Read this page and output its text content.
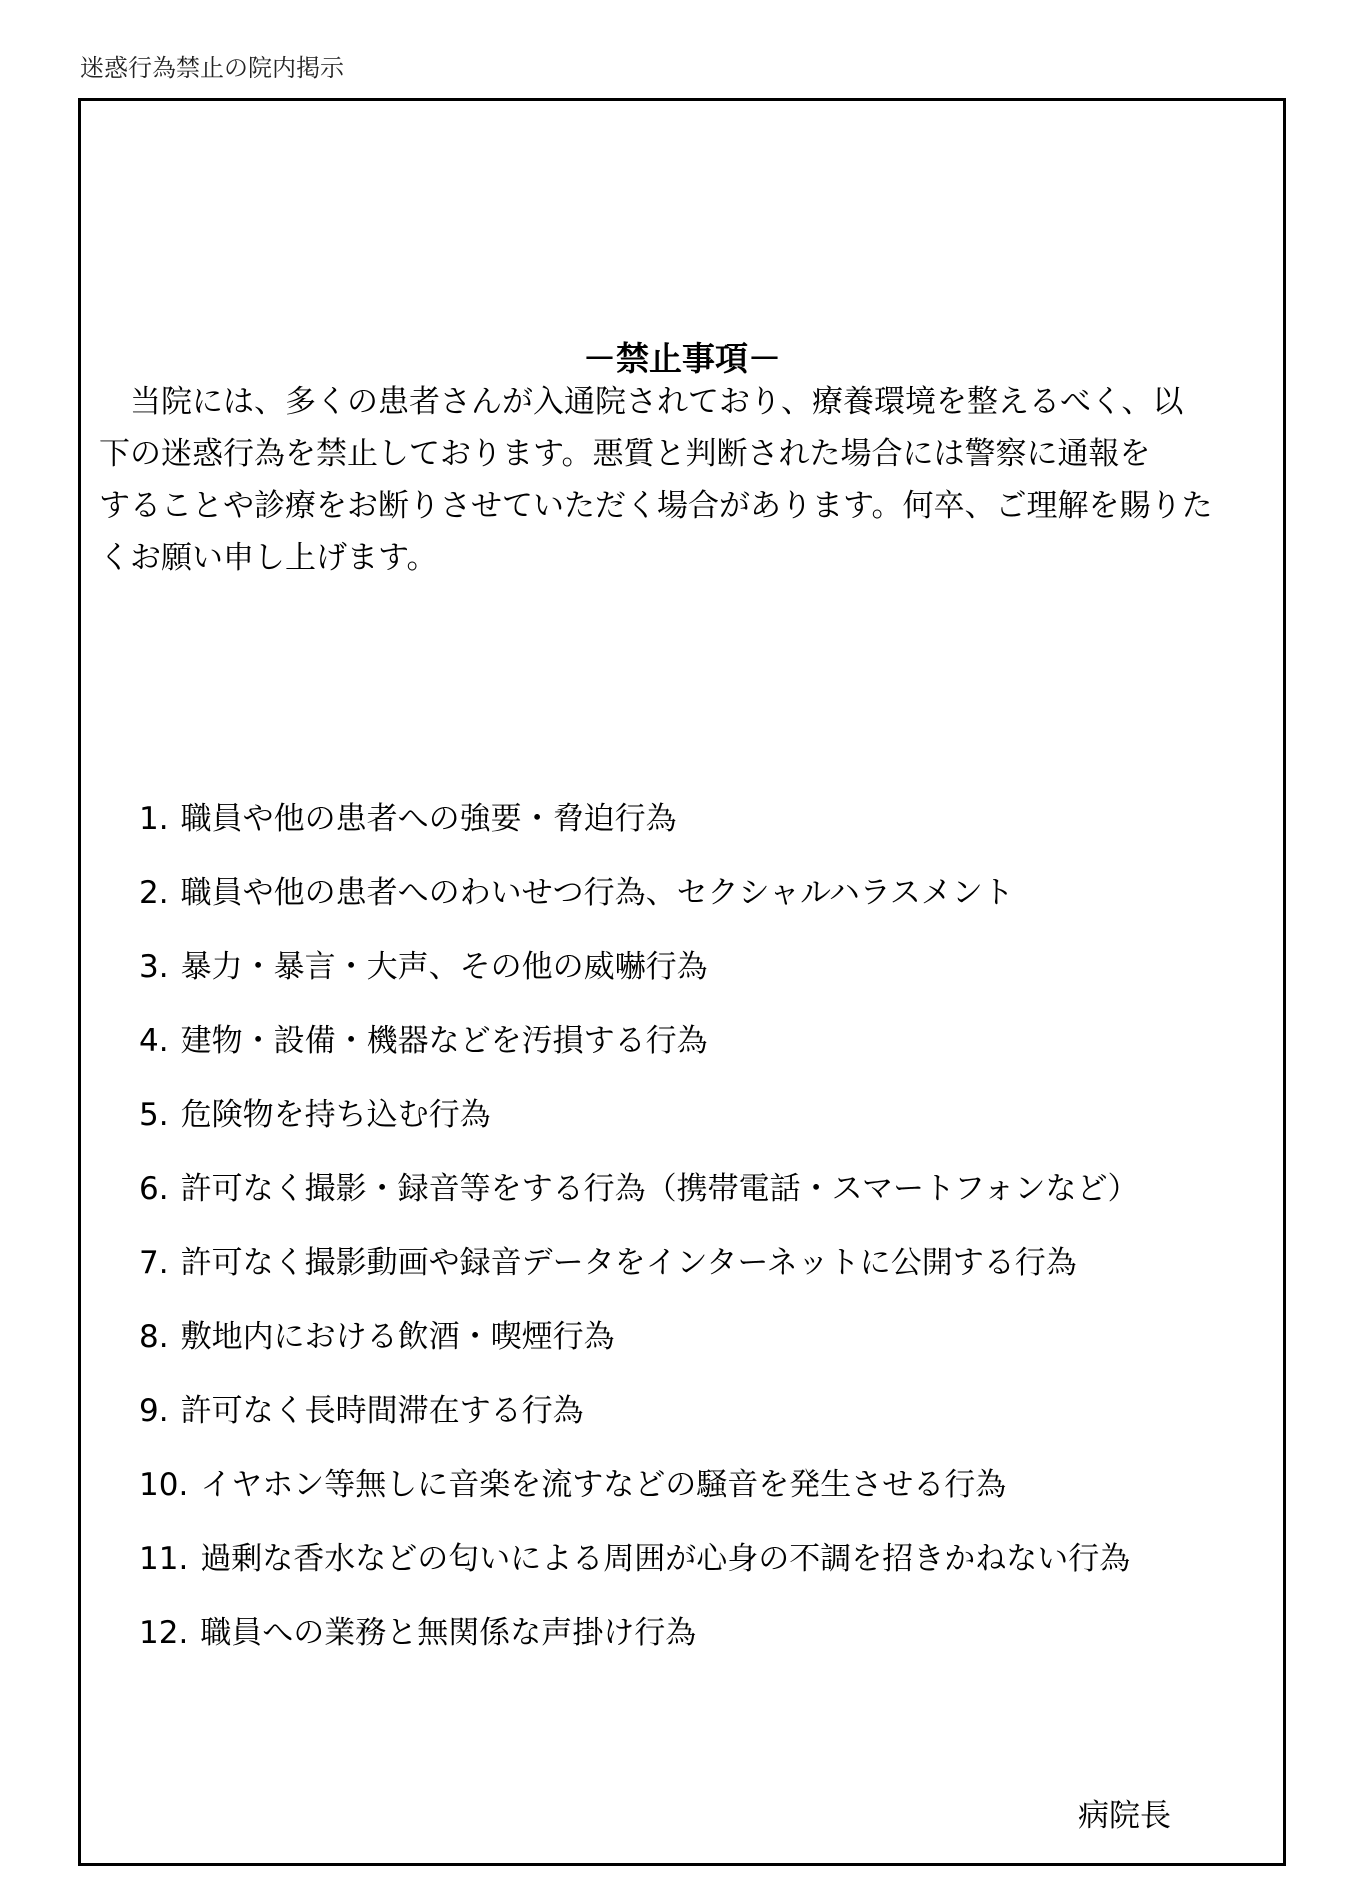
迷惑行為禁止の院内掲示
－禁止事項－

　当院には、多くの患者さんが入通院されており、療養環境を整えるべく、以
下の迷惑行為を禁止しております。悪質と判断された場合には警察に通報を
することや診療をお断りさせていただく場合があります。何卒、ご理解を賜りた
くお願い申し上げます。

1. 職員や他の患者への強要・脅迫行為
2. 職員や他の患者へのわいせつ行為、セクシャルハラスメント
3. 暴力・暴言・大声、その他の威嚇行為
4. 建物・設備・機器などを汚損する行為
5. 危険物を持ち込む行為
6. 許可なく撮影・録音等をする行為（携帯電話・スマートフォンなど）
7. 許可なく撮影動画や録音データをインターネットに公開する行為
8. 敷地内における飲酒・喫煙行為
9. 許可なく長時間滞在する行為
10. イヤホン等無しに音楽を流すなどの騒音を発生させる行為
11. 過剰な香水などの匂いによる周囲が心身の不調を招きかねない行為
12. 職員への業務と無関係な声掛け行為
病院長
